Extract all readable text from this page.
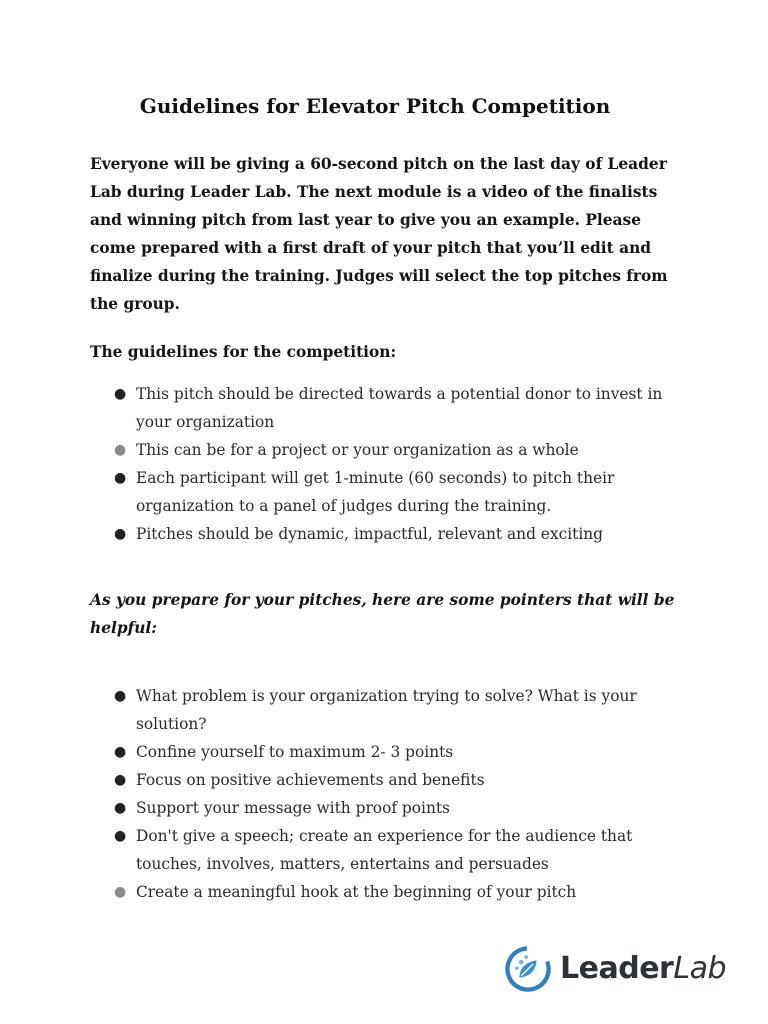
Guidelines for Elevator Pitch Competition

Everyone will be giving a 60-second pitch on the last day of Leader Lab during Leader Lab. The next module is a video of the finalists and winning pitch from last year to give you an example. Please come prepared with a first draft of your pitch that you’ll edit and finalize during the training. Judges will select the top pitches from the group.

The guidelines for the competition:

● This pitch should be directed towards a potential donor to invest in your organization
● This can be for a project or your organization as a whole
● Each participant will get 1-minute (60 seconds) to pitch their organization to a panel of judges during the training.
● Pitches should be dynamic, impactful, relevant and exciting

As you prepare for your pitches, here are some pointers that will be helpful:

● What problem is your organization trying to solve? What is your solution?
● Confine yourself to maximum 2- 3 points
● Focus on positive achievements and benefits
● Support your message with proof points
● Don't give a speech; create an experience for the audience that touches, involves, matters, entertains and persuades
● Create a meaningful hook at the beginning of your pitch
LeaderLab
